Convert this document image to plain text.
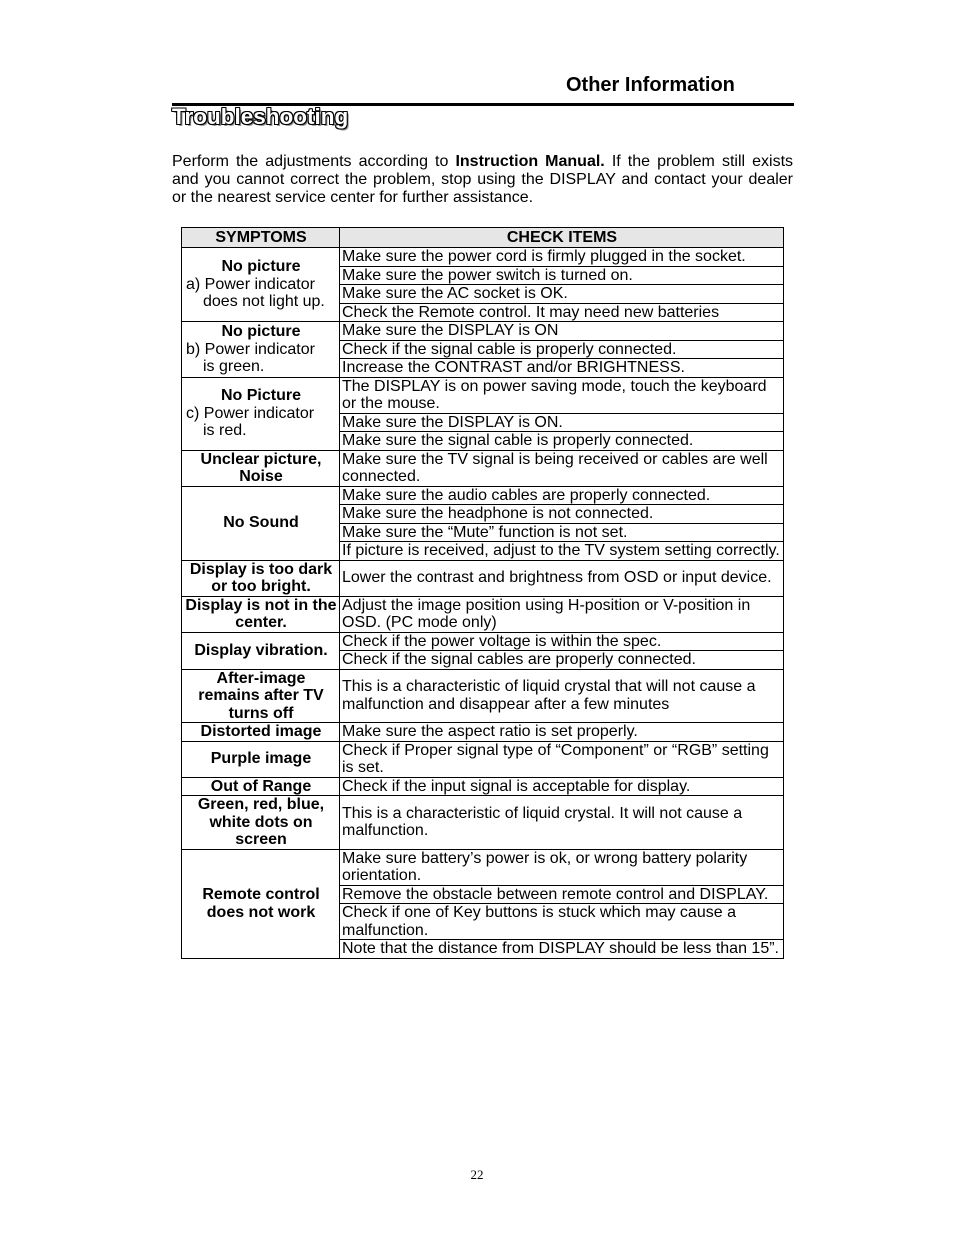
Other Information
Troubleshooting
Perform the adjustments according to Instruction Manual. If the problem still exists and you cannot correct the problem, stop using the DISPLAY and contact your dealer or the nearest service center for further assistance.
SYMPTOMS	CHECK ITEMS

No picture
a) Power indicator
does not light up.	Make sure the power cord is firmly plugged in the socket.
	Make sure the power switch is turned on.
	Make sure the AC socket is OK.
	Check the Remote control. It may need new batteries

No picture
b) Power indicator
is green.	Make sure the DISPLAY is ON
	Check if the signal cable is properly connected.
	Increase the CONTRAST and/or BRIGHTNESS.

No Picture
c) Power indicator
is red.	The DISPLAY is on power saving mode, touch the keyboard or the mouse.
	Make sure the DISPLAY is ON.
	Make sure the signal cable is properly connected.

Unclear picture, Noise	Make sure the TV signal is being received or cables are well connected.

No Sound	Make sure the audio cables are properly connected.
	Make sure the headphone is not connected.
	Make sure the “Mute” function is not set.
	If picture is received, adjust to the TV system setting correctly.

Display is too dark or too bright.	Lower the contrast and brightness from OSD or input device.

Display is not in the center.	Adjust the image position using H-position or V-position in OSD. (PC mode only)

Display vibration.	Check if the power voltage is within the spec.
	Check if the signal cables are properly connected.

After-image remains after TV turns off	This is a characteristic of liquid crystal that will not cause a malfunction and disappear after a few minutes

Distorted image	Make sure the aspect ratio is set properly.

Purple image	Check if Proper signal type of “Component” or “RGB” setting is set.

Out of Range	Check if the input signal is acceptable for display.

Green, red, blue, white dots on screen	This is a characteristic of liquid crystal. It will not cause a malfunction.

Remote control does not work	Make sure battery’s power is ok, or wrong battery polarity orientation.
	Remove the obstacle between remote control and DISPLAY.
	Check if one of Key buttons is stuck which may cause a malfunction.
	Note that the distance from DISPLAY should be less than 15”.
22
